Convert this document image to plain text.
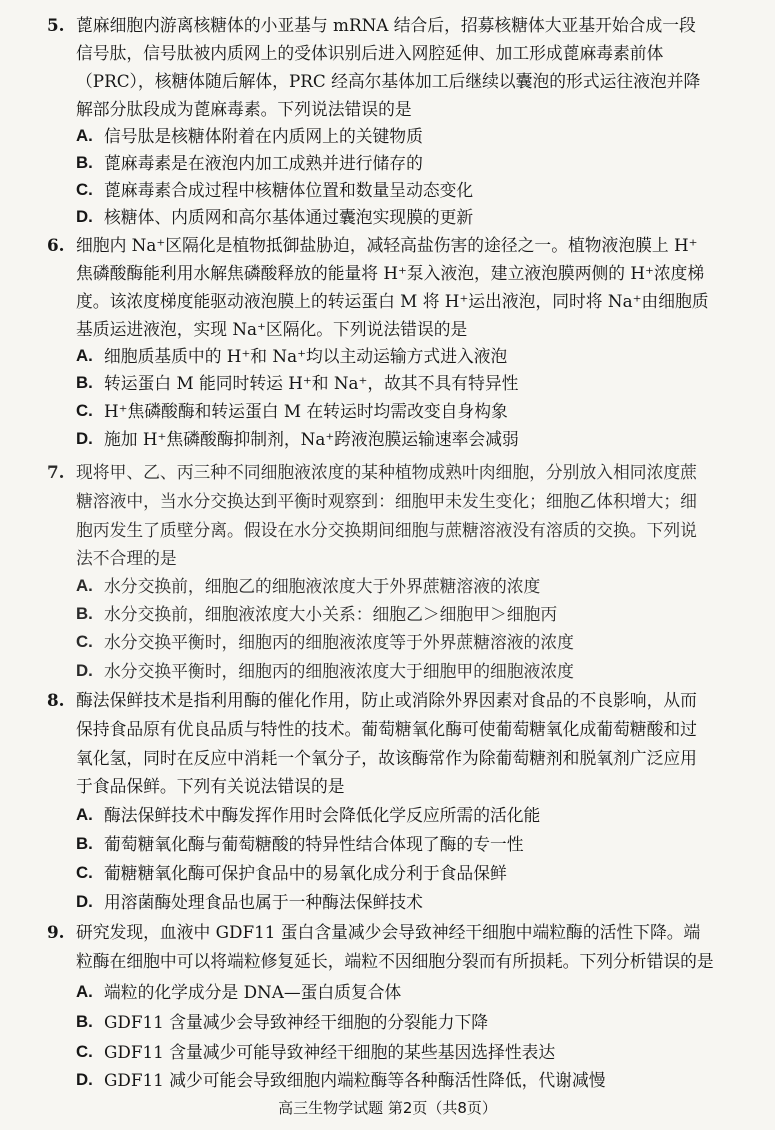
5. 蓖麻细胞内游离核糖体的小亚基与 mRNA 结合后，招募核糖体大亚基开始合成一段
信号肽，信号肽被内质网上的受体识别后进入网腔延伸、加工形成蓖麻毒素前体
（PRC），核糖体随后解体，PRC 经高尔基体加工后继续以囊泡的形式运往液泡并降
解部分肽段成为蓖麻毒素。下列说法错误的是
A. 信号肽是核糖体附着在内质网上的关键物质
B. 蓖麻毒素是在液泡内加工成熟并进行储存的
C. 蓖麻毒素合成过程中核糖体位置和数量呈动态变化
D. 核糖体、内质网和高尔基体通过囊泡实现膜的更新
6. 细胞内 Na⁺区隔化是植物抵御盐胁迫，减轻高盐伤害的途径之一。植物液泡膜上 H⁺
焦磷酸酶能利用水解焦磷酸释放的能量将 H⁺泵入液泡，建立液泡膜两侧的 H⁺浓度梯
度。该浓度梯度能驱动液泡膜上的转运蛋白 M 将 H⁺运出液泡，同时将 Na⁺由细胞质
基质运进液泡，实现 Na⁺区隔化。下列说法错误的是
A. 细胞质基质中的 H⁺和 Na⁺均以主动运输方式进入液泡
B. 转运蛋白 M 能同时转运 H⁺和 Na⁺，故其不具有特异性
C. H⁺焦磷酸酶和转运蛋白 M 在转运时均需改变自身构象
D. 施加 H⁺焦磷酸酶抑制剂，Na⁺跨液泡膜运输速率会减弱
7. 现将甲、乙、丙三种不同细胞液浓度的某种植物成熟叶肉细胞，分别放入相同浓度蔗
糖溶液中，当水分交换达到平衡时观察到：细胞甲未发生变化；细胞乙体积增大；细
胞丙发生了质壁分离。假设在水分交换期间细胞与蔗糖溶液没有溶质的交换。下列说
法不合理的是
A. 水分交换前，细胞乙的细胞液浓度大于外界蔗糖溶液的浓度
B. 水分交换前，细胞液浓度大小关系：细胞乙＞细胞甲＞细胞丙
C. 水分交换平衡时，细胞丙的细胞液浓度等于外界蔗糖溶液的浓度
D. 水分交换平衡时，细胞丙的细胞液浓度大于细胞甲的细胞液浓度
8. 酶法保鲜技术是指利用酶的催化作用，防止或消除外界因素对食品的不良影响，从而
保持食品原有优良品质与特性的技术。葡萄糖氧化酶可使葡萄糖氧化成葡萄糖酸和过
氧化氢，同时在反应中消耗一个氧分子，故该酶常作为除葡萄糖剂和脱氧剂广泛应用
于食品保鲜。下列有关说法错误的是
A. 酶法保鲜技术中酶发挥作用时会降低化学反应所需的活化能
B. 葡萄糖氧化酶与葡萄糖酸的特异性结合体现了酶的专一性
C. 葡糖糖氧化酶可保护食品中的易氧化成分利于食品保鲜
D. 用溶菌酶处理食品也属于一种酶法保鲜技术
9. 研究发现，血液中 GDF11 蛋白含量减少会导致神经干细胞中端粒酶的活性下降。端
粒酶在细胞中可以将端粒修复延长，端粒不因细胞分裂而有所损耗。下列分析错误的是
A. 端粒的化学成分是 DNA—蛋白质复合体
B. GDF11 含量减少会导致神经干细胞的分裂能力下降
C. GDF11 含量减少可能导致神经干细胞的某些基因选择性表达
D. GDF11 减少可能会导致细胞内端粒酶等各种酶活性降低，代谢减慢
高三生物学试题 第2页（共8页）
